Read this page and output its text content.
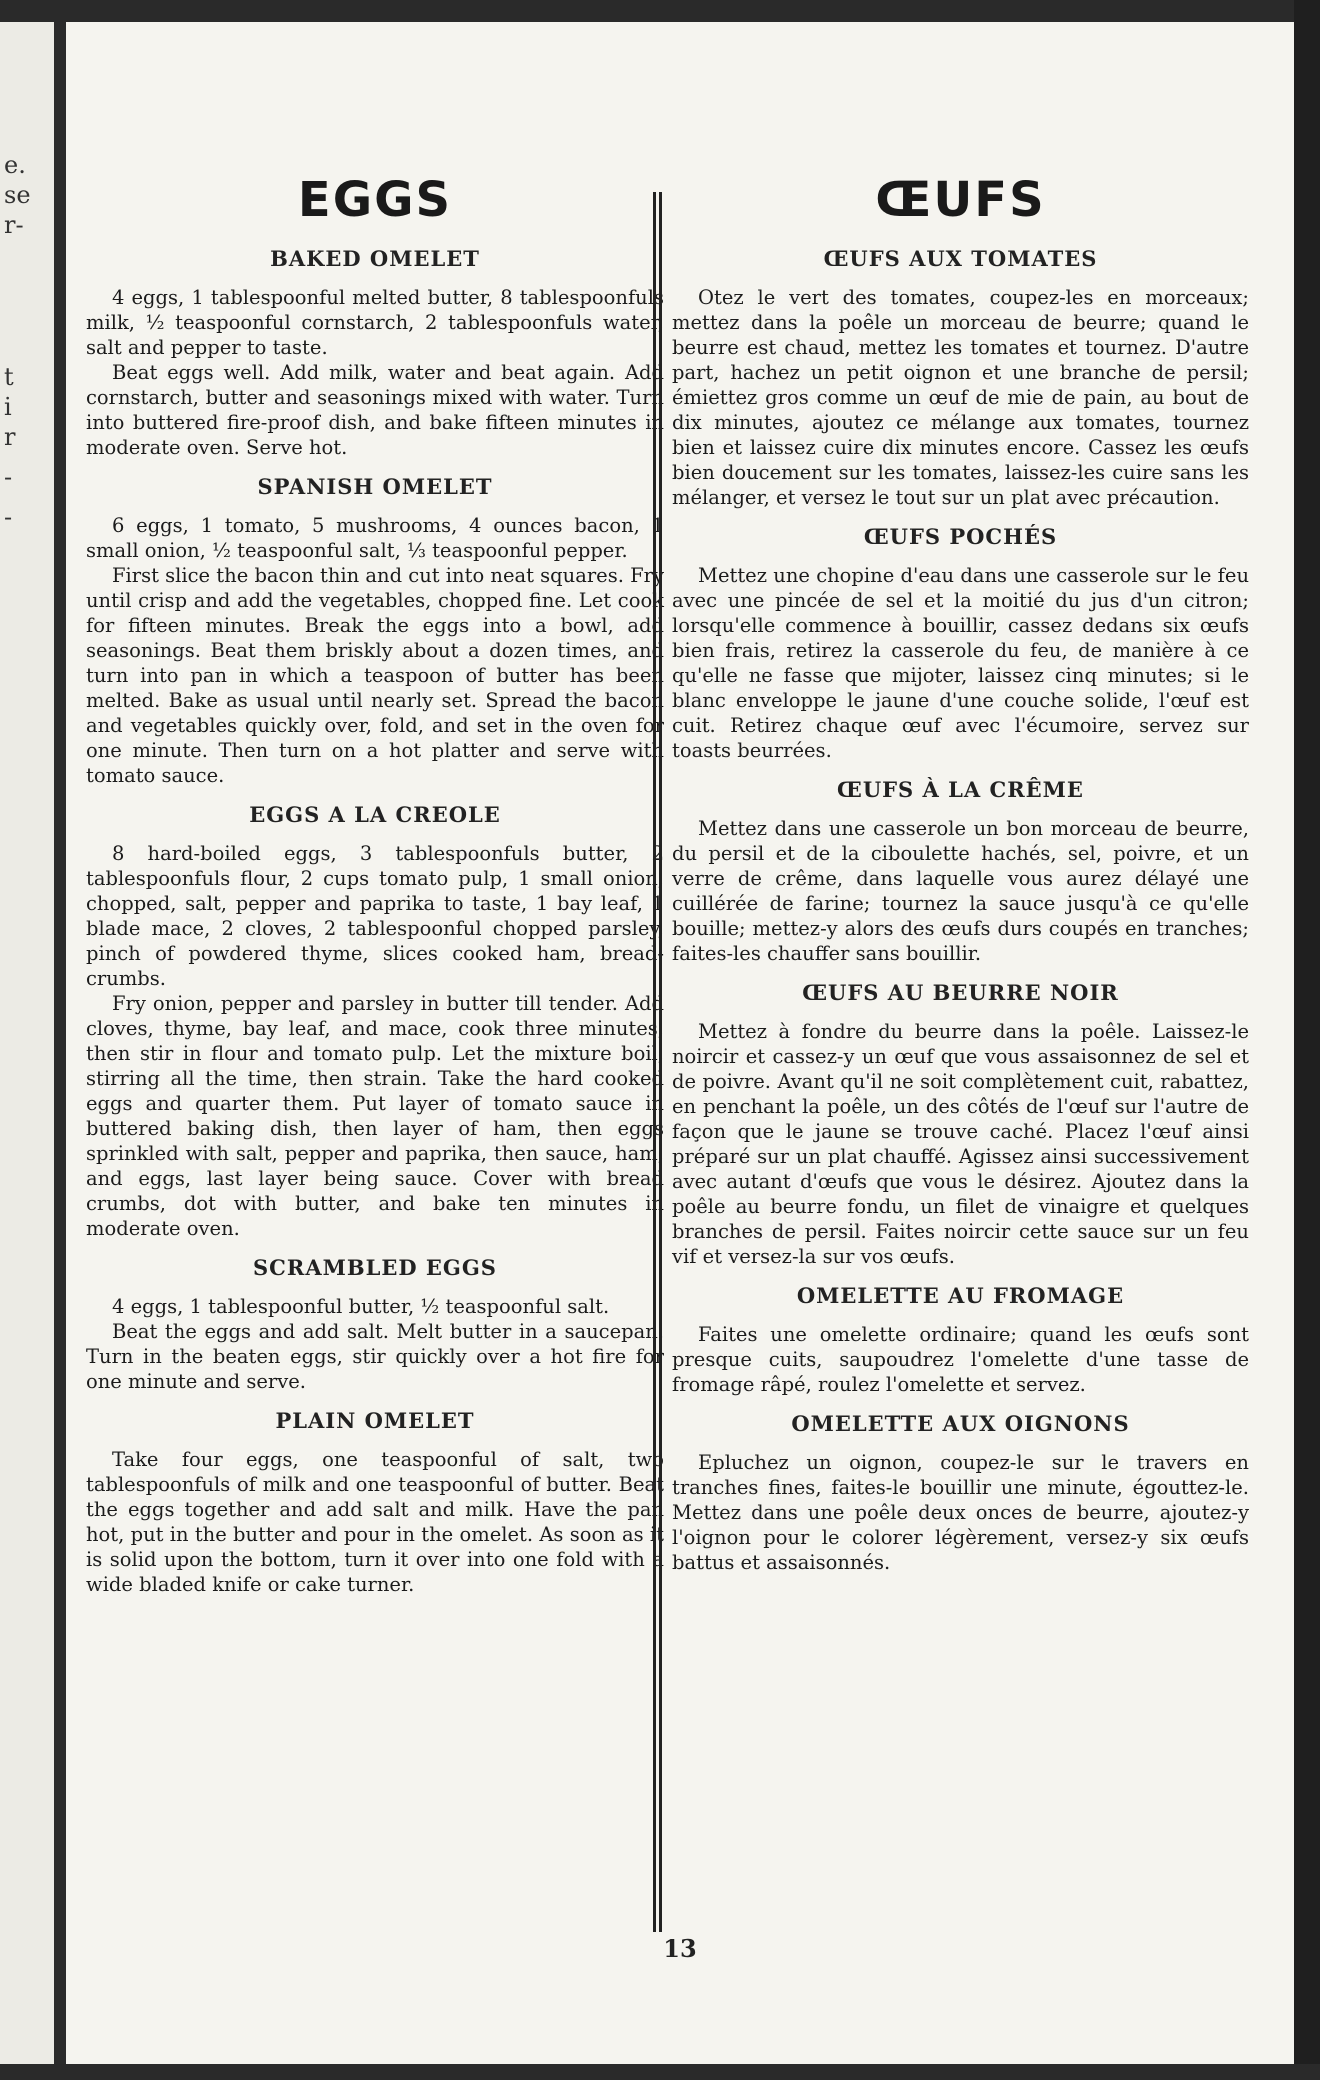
e.
se
r-
t
i
r
-
-
EGGS
BAKED OMELET

4 eggs, 1 tablespoonful melted butter, 8 tablespoonfuls milk, ½ teaspoonful cornstarch, 2 tablespoonfuls water, salt and pepper to taste.

Beat eggs well. Add milk, water and beat again. Add cornstarch, butter and seasonings mixed with water. Turn into buttered fire-proof dish, and bake fifteen minutes in moderate oven. Serve hot.

SPANISH OMELET

6 eggs, 1 tomato, 5 mushrooms, 4 ounces bacon, 1 small onion, ½ teaspoonful salt, ⅓ teaspoonful pepper.

First slice the bacon thin and cut into neat squares. Fry until crisp and add the vegetables, chopped fine. Let cook for fifteen minutes. Break the eggs into a bowl, add seasonings. Beat them briskly about a dozen times, and turn into pan in which a teaspoon of butter has been melted. Bake as usual until nearly set. Spread the bacon and vegetables quickly over, fold, and set in the oven for one minute. Then turn on a hot platter and serve with tomato sauce.

EGGS A LA CREOLE

8 hard-boiled eggs, 3 tablespoonfuls butter, 2 tablespoonfuls flour, 2 cups tomato pulp, 1 small onion, chopped, salt, pepper and paprika to taste, 1 bay leaf, 1 blade mace, 2 cloves, 2 tablespoonful chopped parsley, pinch of powdered thyme, slices cooked ham, bread-crumbs.

Fry onion, pepper and parsley in butter till tender. Add cloves, thyme, bay leaf, and mace, cook three minutes, then stir in flour and tomato pulp. Let the mixture boil, stirring all the time, then strain. Take the hard cooked eggs and quarter them. Put layer of tomato sauce in buttered baking dish, then layer of ham, then eggs sprinkled with salt, pepper and paprika, then sauce, ham, and eggs, last layer being sauce. Cover with bread crumbs, dot with butter, and bake ten minutes in moderate oven.

SCRAMBLED EGGS

4 eggs, 1 tablespoonful butter, ½ teaspoonful salt.

Beat the eggs and add salt. Melt butter in a saucepan. Turn in the beaten eggs, stir quickly over a hot fire for one minute and serve.

PLAIN OMELET

Take four eggs, one teaspoonful of salt, two tablespoonfuls of milk and one teaspoonful of butter. Beat the eggs together and add salt and milk. Have the pan hot, put in the butter and pour in the omelet. As soon as it is solid upon the bottom, turn it over into one fold with a wide bladed knife or cake turner.

ŒUFS
ŒUFS AUX TOMATES

Otez le vert des tomates, coupez-les en morceaux; mettez dans la poêle un morceau de beurre; quand le beurre est chaud, mettez les tomates et tournez. D'autre part, hachez un petit oignon et une branche de persil; émiettez gros comme un œuf de mie de pain, au bout de dix minutes, ajoutez ce mélange aux tomates, tournez bien et laissez cuire dix minutes encore. Cassez les œufs bien doucement sur les tomates, laissez-les cuire sans les mélanger, et versez le tout sur un plat avec précaution.

ŒUFS POCHÉS

Mettez une chopine d'eau dans une casserole sur le feu avec une pincée de sel et la moitié du jus d'un citron; lorsqu'elle commence à bouillir, cassez dedans six œufs bien frais, retirez la casserole du feu, de manière à ce qu'elle ne fasse que mijoter, laissez cinq minutes; si le blanc enveloppe le jaune d'une couche solide, l'œuf est cuit. Retirez chaque œuf avec l'écumoire, servez sur toasts beurrées.

ŒUFS À LA CRÊME

Mettez dans une casserole un bon morceau de beurre, du persil et de la ciboulette hachés, sel, poivre, et un verre de crême, dans laquelle vous aurez délayé une cuillérée de farine; tournez la sauce jusqu'à ce qu'elle bouille; mettez-y alors des œufs durs coupés en tranches; faites-les chauffer sans bouillir.

ŒUFS AU BEURRE NOIR

Mettez à fondre du beurre dans la poêle. Laissez-le noircir et cassez-y un œuf que vous assaisonnez de sel et de poivre. Avant qu'il ne soit complètement cuit, rabattez, en penchant la poêle, un des côtés de l'œuf sur l'autre de façon que le jaune se trouve caché. Placez l'œuf ainsi préparé sur un plat chauffé. Agissez ainsi successivement avec autant d'œufs que vous le désirez. Ajoutez dans la poêle au beurre fondu, un filet de vinaigre et quelques branches de persil. Faites noircir cette sauce sur un feu vif et versez-la sur vos œufs.

OMELETTE AU FROMAGE

Faites une omelette ordinaire; quand les œufs sont presque cuits, saupoudrez l'omelette d'une tasse de fromage râpé, roulez l'omelette et servez.

OMELETTE AUX OIGNONS

Epluchez un oignon, coupez-le sur le travers en tranches fines, faites-le bouillir une minute, égouttez-le. Mettez dans une poêle deux onces de beurre, ajoutez-y l'oignon pour le colorer légèrement, versez-y six œufs battus et assaisonnés.

13
